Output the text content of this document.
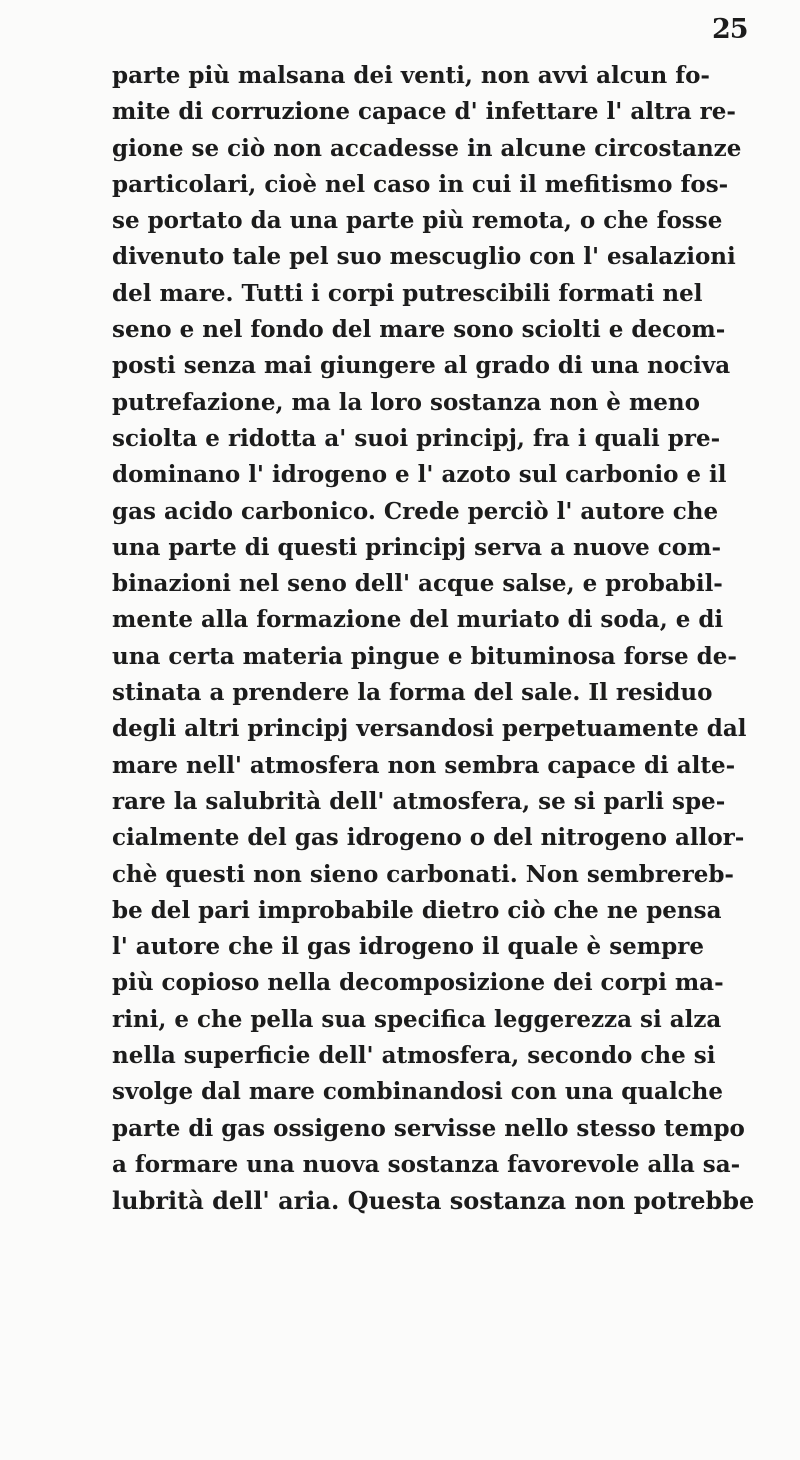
25
parte più malsana dei venti, non avvi alcun fo-
mite di corruzione capace d' infettare l' altra re-
gione se ciò non accadesse in alcune circostanze
particolari, cioè nel caso in cui il mefitismo fos-
se portato da una parte più remota, o che fosse
divenuto tale pel suo mescuglio con l' esalazioni
del mare. Tutti i corpi putrescibili formati nel
seno e nel fondo del mare sono sciolti e decom-
posti senza mai giungere al grado di una nociva
putrefazione, ma la loro sostanza non è meno
sciolta e ridotta a' suoi principj, fra i quali pre-
dominano l' idrogeno e l' azoto sul carbonio e il
gas acido carbonico. Crede perciò l' autore che
una parte di questi principj serva a nuove com-
binazioni nel seno dell' acque salse, e probabil-
mente alla formazione del muriato di soda, e di
una certa materia pingue e bituminosa forse de-
stinata a prendere la forma del sale. Il residuo
degli altri principj versandosi perpetuamente dal
mare nell' atmosfera non sembra capace di alte-
rare la salubrità dell' atmosfera, se si parli spe-
cialmente del gas idrogeno o del nitrogeno allor-
chè questi non sieno carbonati. Non sembrereb-
be del pari improbabile dietro ciò che ne pensa
l' autore che il gas idrogeno il quale è sempre
più copioso nella decomposizione dei corpi ma-
rini, e che pella sua specifica leggerezza si alza
nella superficie dell' atmosfera, secondo che si
svolge dal mare combinandosi con una qualche
parte di gas ossigeno servisse nello stesso tempo
a formare una nuova sostanza favorevole alla sa-
lubrità dell' aria. Questa sostanza non potrebbe
